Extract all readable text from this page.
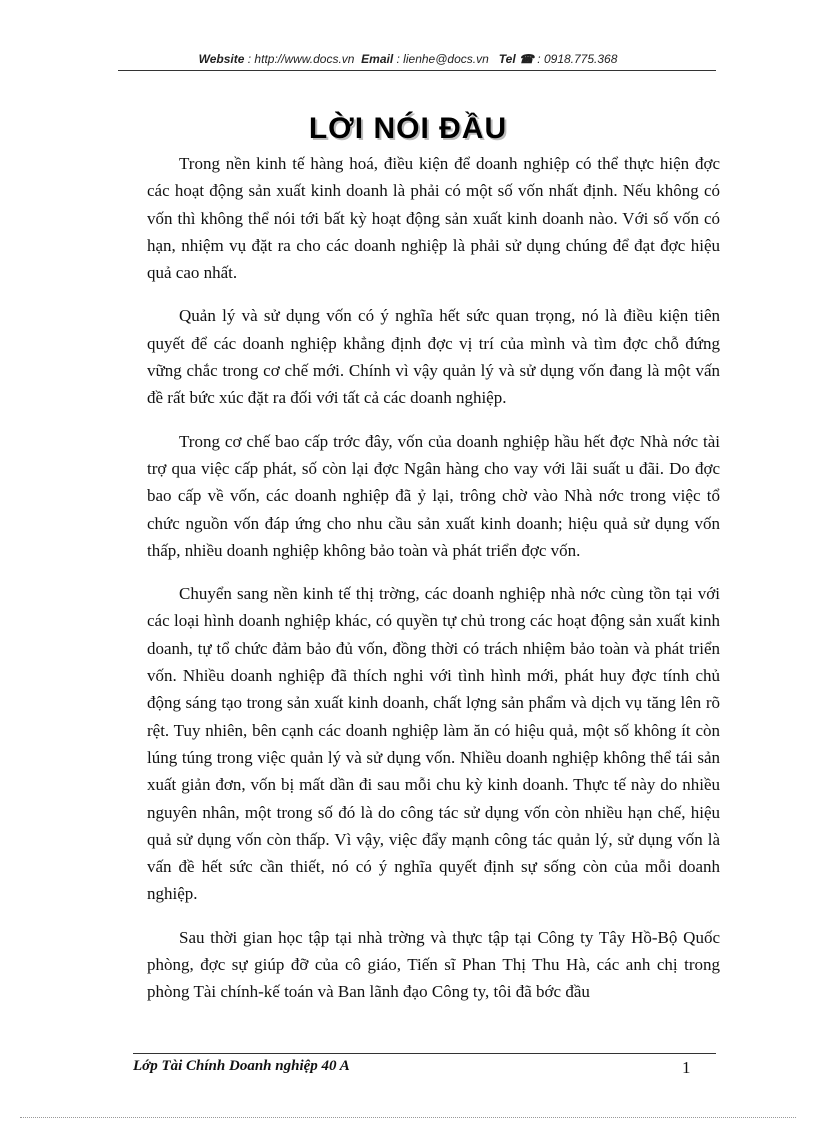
Website : http://www.docs.vn Email : lienhe@docs.vn Tel ☎ : 0918.775.368
LỜI NÓI ĐẦU

Trong nền kinh tế hàng hoá, điều kiện để doanh nghiệp có thể thực hiện đợc các hoạt động sản xuất kinh doanh là phải có một số vốn nhất định. Nếu không có vốn thì không thể nói tới bất kỳ hoạt động sản xuất kinh doanh nào. Với số vốn có hạn, nhiệm vụ đặt ra cho các doanh nghiệp là phải sử dụng chúng để đạt đợc hiệu quả cao nhất.

Quản lý và sử dụng vốn có ý nghĩa hết sức quan trọng, nó là điều kiện tiên quyết để các doanh nghiệp khẳng định đợc vị trí của mình và tìm đợc chỗ đứng vững chắc trong cơ chế mới. Chính vì vậy quản lý và sử dụng vốn đang là một vấn đề rất bức xúc đặt ra đối với tất cả các doanh nghiệp.

Trong cơ chế bao cấp trớc đây, vốn của doanh nghiệp hầu hết đợc Nhà nớc tài trợ qua việc cấp phát, số còn lại đợc Ngân hàng cho vay với lãi suất u đãi. Do đợc bao cấp về vốn, các doanh nghiệp đã ỷ lại, trông chờ vào Nhà nớc trong việc tổ chức nguồn vốn đáp ứng cho nhu cầu sản xuất kinh doanh; hiệu quả sử dụng vốn thấp, nhiều doanh nghiệp không bảo toàn và phát triển đợc vốn.

Chuyển sang nền kinh tế thị trờng, các doanh nghiệp nhà nớc cùng tồn tại với các loại hình doanh nghiệp khác, có quyền tự chủ trong các hoạt động sản xuất kinh doanh, tự tổ chức đảm bảo đủ vốn, đồng thời có trách nhiệm bảo toàn và phát triển vốn. Nhiều doanh nghiệp đã thích nghi với tình hình mới, phát huy đợc tính chủ động sáng tạo trong sản xuất kinh doanh, chất lợng sản phẩm và dịch vụ tăng lên rõ rệt. Tuy nhiên, bên cạnh các doanh nghiệp làm ăn có hiệu quả, một số không ít còn lúng túng trong việc quản lý và sử dụng vốn. Nhiều doanh nghiệp không thể tái sản xuất giản đơn, vốn bị mất dần đi sau mỗi chu kỳ kinh doanh. Thực tế này do nhiều nguyên nhân, một trong số đó là do công tác sử dụng vốn còn nhiều hạn chế, hiệu quả sử dụng vốn còn thấp. Vì vậy, việc đẩy mạnh công tác quản lý, sử dụng vốn là vấn đề hết sức cần thiết, nó có ý nghĩa quyết định sự sống còn của mỗi doanh nghiệp.

Sau thời gian học tập tại nhà trờng và thực tập tại Công ty Tây Hồ-Bộ Quốc phòng, đợc sự giúp đỡ của cô giáo, Tiến sĩ Phan Thị Thu Hà, các anh chị trong phòng Tài chính-kế toán và Ban lãnh đạo Công ty, tôi đã bớc đầu

Lớp Tài Chính Doanh nghiệp 40 A	1
